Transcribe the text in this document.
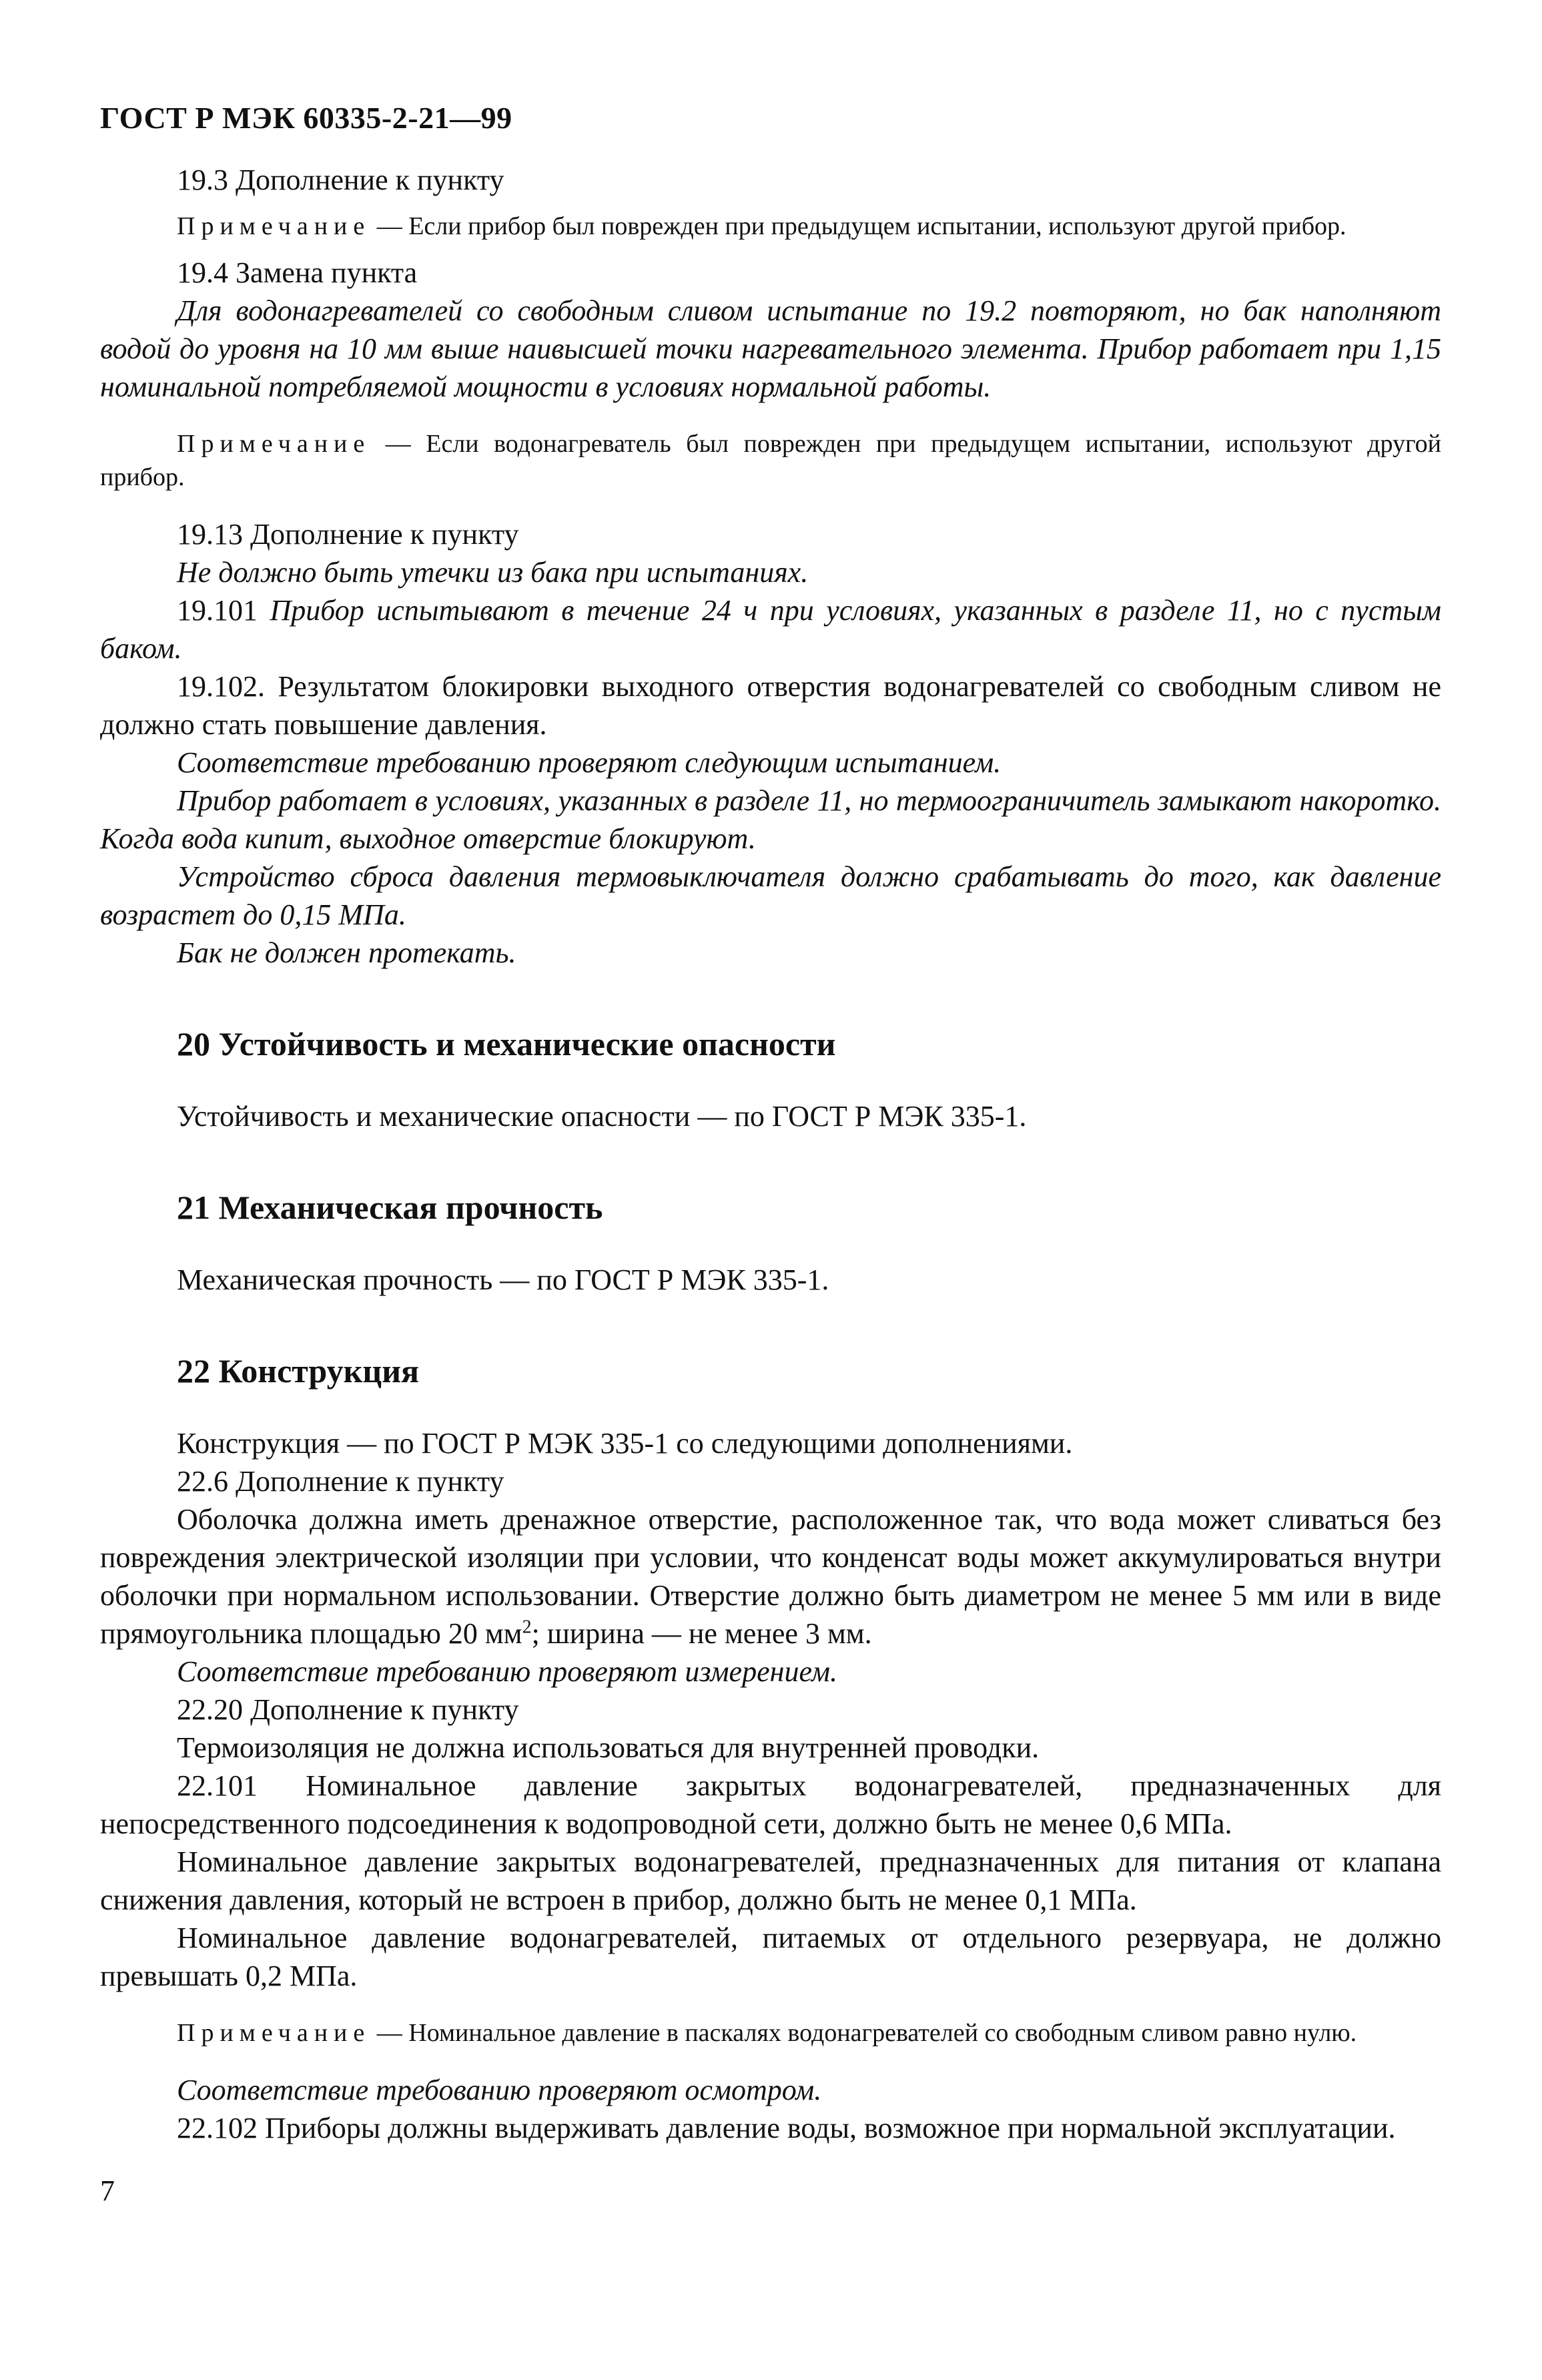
ГОСТ Р МЭК 60335-2-21—99

19.3 Дополнение к пункту

Примечание — Если прибор был поврежден при предыдущем испытании, используют другой прибор.

19.4 Замена пункта

Для водонагревателей со свободным сливом испытание по 19.2 повторяют, но бак наполняют водой до уровня на 10 мм выше наивысшей точки нагревательного элемента. Прибор работает при 1,15 номинальной потребляемой мощности в условиях нормальной работы.

Примечание — Если водонагреватель был поврежден при предыдущем испытании, используют другой прибор.

19.13 Дополнение к пункту

Не должно быть утечки из бака при испытаниях.

19.101 Прибор испытывают в течение 24 ч при условиях, указанных в разделе 11, но с пустым баком.

19.102. Результатом блокировки выходного отверстия водонагревателей со свободным сливом не должно стать повышение давления.

Соответствие требованию проверяют следующим испытанием.

Прибор работает в условиях, указанных в разделе 11, но термоограничитель замыкают накоротко. Когда вода кипит, выходное отверстие блокируют.

Устройство сброса давления термовыключателя должно срабатывать до того, как давление возрастет до 0,15 МПа.

Бак не должен протекать.

20 Устойчивость и механические опасности

Устойчивость и механические опасности — по ГОСТ Р МЭК 335-1.

21 Механическая прочность

Механическая прочность — по ГОСТ Р МЭК 335-1.

22 Конструкция

Конструкция — по ГОСТ Р МЭК 335-1 со следующими дополнениями.

22.6 Дополнение к пункту

Оболочка должна иметь дренажное отверстие, расположенное так, что вода может сливаться без повреждения электрической изоляции при условии, что конденсат воды может аккумулироваться внутри оболочки при нормальном использовании. Отверстие должно быть диаметром не менее 5 мм или в виде прямоугольника площадью 20 $мм^2$; ширина — не менее 3 мм.

Соответствие требованию проверяют измерением.

22.20 Дополнение к пункту

Термоизоляция не должна использоваться для внутренней проводки.

22.101 Номинальное давление закрытых водонагревателей, предназначенных для непосредственного подсоединения к водопроводной сети, должно быть не менее 0,6 МПа.

Номинальное давление закрытых водонагревателей, предназначенных для питания от клапана снижения давления, который не встроен в прибор, должно быть не менее 0,1 МПа.

Номинальное давление водонагревателей, питаемых от отдельного резервуара, не должно превышать 0,2 МПа.

Примечание — Номинальное давление в паскалях водонагревателей со свободным сливом равно нулю.

Соответствие требованию проверяют осмотром.

22.102 Приборы должны выдерживать давление воды, возможное при нормальной эксплуатации.

7
